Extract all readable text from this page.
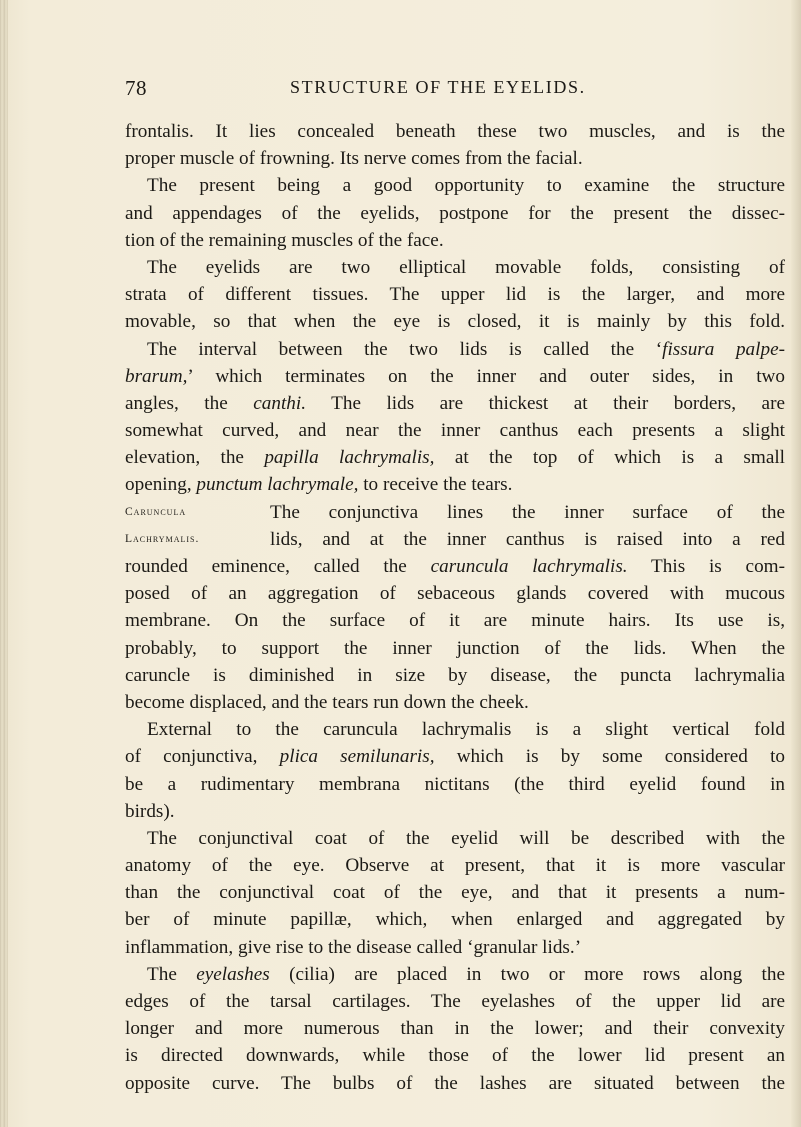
78	STRUCTURE OF THE EYELIDS.
frontalis. It lies concealed beneath these two muscles, and is the
proper muscle of frowning. Its nerve comes from the facial.
The present being a good opportunity to examine the structure
and appendages of the eyelids, postpone for the present the dissec-
tion of the remaining muscles of the face.
The eyelids are two elliptical movable folds, consisting of
strata of different tissues. The upper lid is the larger, and more
movable, so that when the eye is closed, it is mainly by this fold.
The interval between the two lids is called the ‘fissura palpe-
brarum,’ which terminates on the inner and outer sides, in two
angles, the canthi. The lids are thickest at their borders, are
somewhat curved, and near the inner canthus each presents a slight
elevation, the papilla lachrymalis, at the top of which is a small
opening, punctum lachrymale, to receive the tears.
Caruncula
Lachrymalis.
The conjunctiva lines the inner surface of the
lids, and at the inner canthus is raised into a red
rounded eminence, called the caruncula lachrymalis. This is com-
posed of an aggregation of sebaceous glands covered with mucous
membrane. On the surface of it are minute hairs. Its use is,
probably, to support the inner junction of the lids. When the
caruncle is diminished in size by disease, the puncta lachrymalia
become displaced, and the tears run down the cheek.
External to the caruncula lachrymalis is a slight vertical fold
of conjunctiva, plica semilunaris, which is by some considered to
be a rudimentary membrana nictitans (the third eyelid found in
birds).
The conjunctival coat of the eyelid will be described with the
anatomy of the eye. Observe at present, that it is more vascular
than the conjunctival coat of the eye, and that it presents a num-
ber of minute papillæ, which, when enlarged and aggregated by
inflammation, give rise to the disease called ‘granular lids.’
The eyelashes (cilia) are placed in two or more rows along the
edges of the tarsal cartilages. The eyelashes of the upper lid are
longer and more numerous than in the lower; and their convexity
is directed downwards, while those of the lower lid present an
opposite curve. The bulbs of the lashes are situated between the
